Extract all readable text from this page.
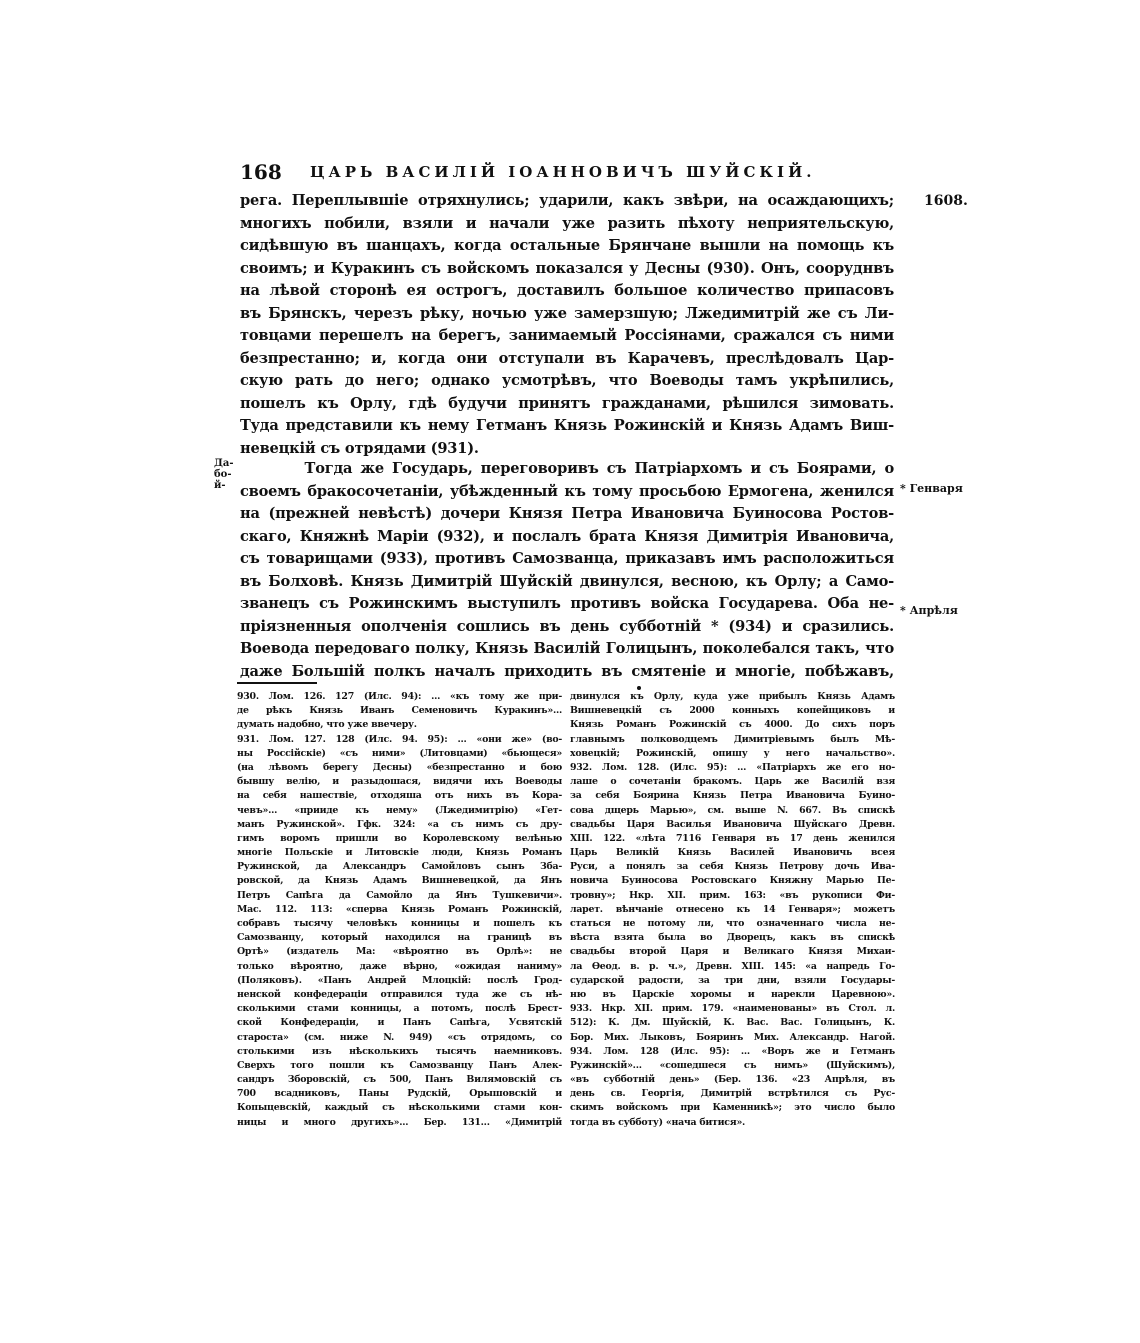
168 ЦАРЬ ВАСИЛІЙ ІОАННОВИЧЪ ШУЙСКІЙ.
1608.
Да-
бо-
й-	* Генваря
* Апрѣля
рега. Переплывшіе отряхнулись; ударили, какъ звѣри, на осаждающихъ;
многихъ побили, взяли и начали уже разить пѣхоту неприятельскую,
сидѣвшую въ шанцахъ, когда остальные Брянчане вышли на помощь къ
своимъ; и Куракинъ съ войскомъ показался у Десны (930). Онъ, сооруднвъ
на лѣвой сторонѣ ея острогъ, доставилъ большое количество припасовъ
въ Брянскъ, черезъ рѣку, ночью уже замерзшую; Лжедимитрій же съ Ли-
товцами перешелъ на берегъ, занимаемый Россіянами, сражался съ ними
безпрестанно; и, когда они отступали въ Карачевъ, преслѣдовалъ Цар-
скую рать до него; однако усмотрѣвъ, что Воеводы тамъ укрѣпились,
пошелъ къ Орлу, гдѣ будучи принятъ гражданами, рѣшился зимовать.
Туда представили къ нему Гетманъ Князь Рожинскій и Князь Адамъ Виш-
невецкій съ отрядами (931).
Тогда же Государь, переговоривъ съ Патріархомъ и съ Боярами, о
своемъ бракосочетаніи, убѣжденный къ тому просьбою Ермогена, женился
на (прежней невѣстѣ) дочери Князя Петра Ивановича Буиносова Ростов-
скаго, Княжнѣ Маріи (932), и послалъ брата Князя Димитрія Ивановича,
съ товарищами (933), противъ Самозванца, приказавъ имъ расположиться
въ Болховѣ. Князь Димитрій Шуйскій двинулся, весною, къ Орлу; а Само-
званецъ съ Рожинскимъ выступилъ противъ войска Государева. Оба не-
пріязненныя ополченія сошлись въ день субботній * (934) и сразились.
Воевода передоваго полку, Князь Василій Голицынъ, поколебался такъ, что
даже Большій полкъ началъ приходить въ смятеніе и многіе, побѣжавъ,
930. Лом. 126. 127 (Илс. 94): ... «къ тому же при-
де рѣкъ Князь Иванъ Семеновичъ Куракинъ»...
думать надобно, что уже ввечеру.
931. Лом. 127. 128 (Илс. 94. 95): ... «они же» (во-
ны Россійскіе) «съ ними» (Литовцами) «бьющеся»
(на лѣвомъ берегу Десны) «безпрестанно и бою
бывшу велію, и разыдошася, видячи ихъ Воеводы
на себя нашествіе, отходяша отъ нихъ въ Кора-
чевъ»... «прииде къ нему» (Лжедимитрію) «Гет-
манъ Ружинской». Гфк. 324: «а съ нимъ съ дру-
гимъ воромъ пришли во Королевскому велѣнью
многіе Польскіе и Литовскіе люди, Князь Романъ
Ружинской, да Александръ Самойловъ сынъ Зба-
ровской, да Князь Адамъ Вишневецкой, да Янъ
Петръ Сапѣга да Самойло да Янъ Тушкевичи».
Мас. 112. 113: «сперва Князь Романъ Рожинскій,
собравъ тысячу человѣкъ конницы и пошелъ къ
Самозванцу, который находился на границѣ въ
Ортѣ» (издатель Ма: «вѣроятно въ Орлѣ»: не
только вѣроятно, даже вѣрно, «ожидая наниму»
(Поляковъ). «Панъ Андрей Млоцкій: послѣ Грод-
ненской конфедераціи отправился туда же съ нѣ-
сколькими стами конницы, а потомъ, послѣ Брест-
ской Конфедераціи, и Панъ Сапѣга, Усвятскій
старостa» (см. ниже N. 949) «съ отрядомъ, со
столькими изъ нѣсколькихъ тысячъ наемниковъ.
Сверхъ того пошли къ Самозванцу Панъ Алек-
сандръ Зборовскій, съ 500, Панъ Вилямовскій съ
700 всадниковъ, Паны Рудскій, Орышовскій и
Копыцевскій, каждый съ нѣсколькими стами кон-
ницы и много другихъ»... Бер. 131... «Димитрій
двинулся къ Орлу, куда уже прибылъ Князь Адамъ
Вишневецкій съ 2000 конныхъ копейщиковъ и
Князь Романъ Рожинскій съ 4000. До сихъ поръ
главнымъ полководцемъ Димитріевымъ былъ Мѣ-
ховецкій; Рожинскій, опишу у него начальство».
932. Лом. 128. (Илс. 95): ... «Патріархъ же его но-
лаше о сочетаніи бракомъ. Царь же Василій взя
за себя Боярина Князь Петра Ивановича Буино-
сова дщерь Марью», см. выше N. 667. Въ спискѣ
свадьбы Царя Василья Ивановича Шуйскаго Древн.
XIII. 122. «лѣта 7116 Генваря въ 17 день женился
Царь Великій Князь Василей Ивановичь всея
Руси, а понялъ за себя Князь Петрову дочь Ива-
новича Буиносова Ростовскаго Княжну Марью Пе-
тровну»; Нкр. XII. прим. 163: «въ рукописи Фи-
ларет. вѣнчаніе отнесено къ 14 Генваря»; можетъ
статься не потому ли, что означеннаго числа не-
вѣста взята была во Дворецъ, какъ въ спискѣ
свадьбы второй Царя и Великаго Князя Михаи-
ла Ѳеод. в. р. ч.», Древн. XIII. 145: «а напредь Го-
сударской радости, за три дни, взяли Государы-
ню въ Царскіе хоромы и нарекли Царевною».
933. Нкр. XII. прим. 179. «наименованы» въ Стол. л.
512): К. Дм. Шуйскій, К. Вас. Вас. Голицынъ, К.
Бор. Мих. Лыковъ, Бояринъ Мих. Александр. Нагой.
934. Лом. 128 (Илс. 95): ... «Воръ же и Гетманъ
Ружинскій»... «сошедшеся съ нимъ» (Шуйскимъ),
«въ субботній день» (Бер. 136. «23 Апрѣля, въ
день св. Георгія, Димитрій встрѣтился съ Рус-
скимъ войскомъ при Каменникѣ»; это число было
тогда въ субботу) «нача битися».
